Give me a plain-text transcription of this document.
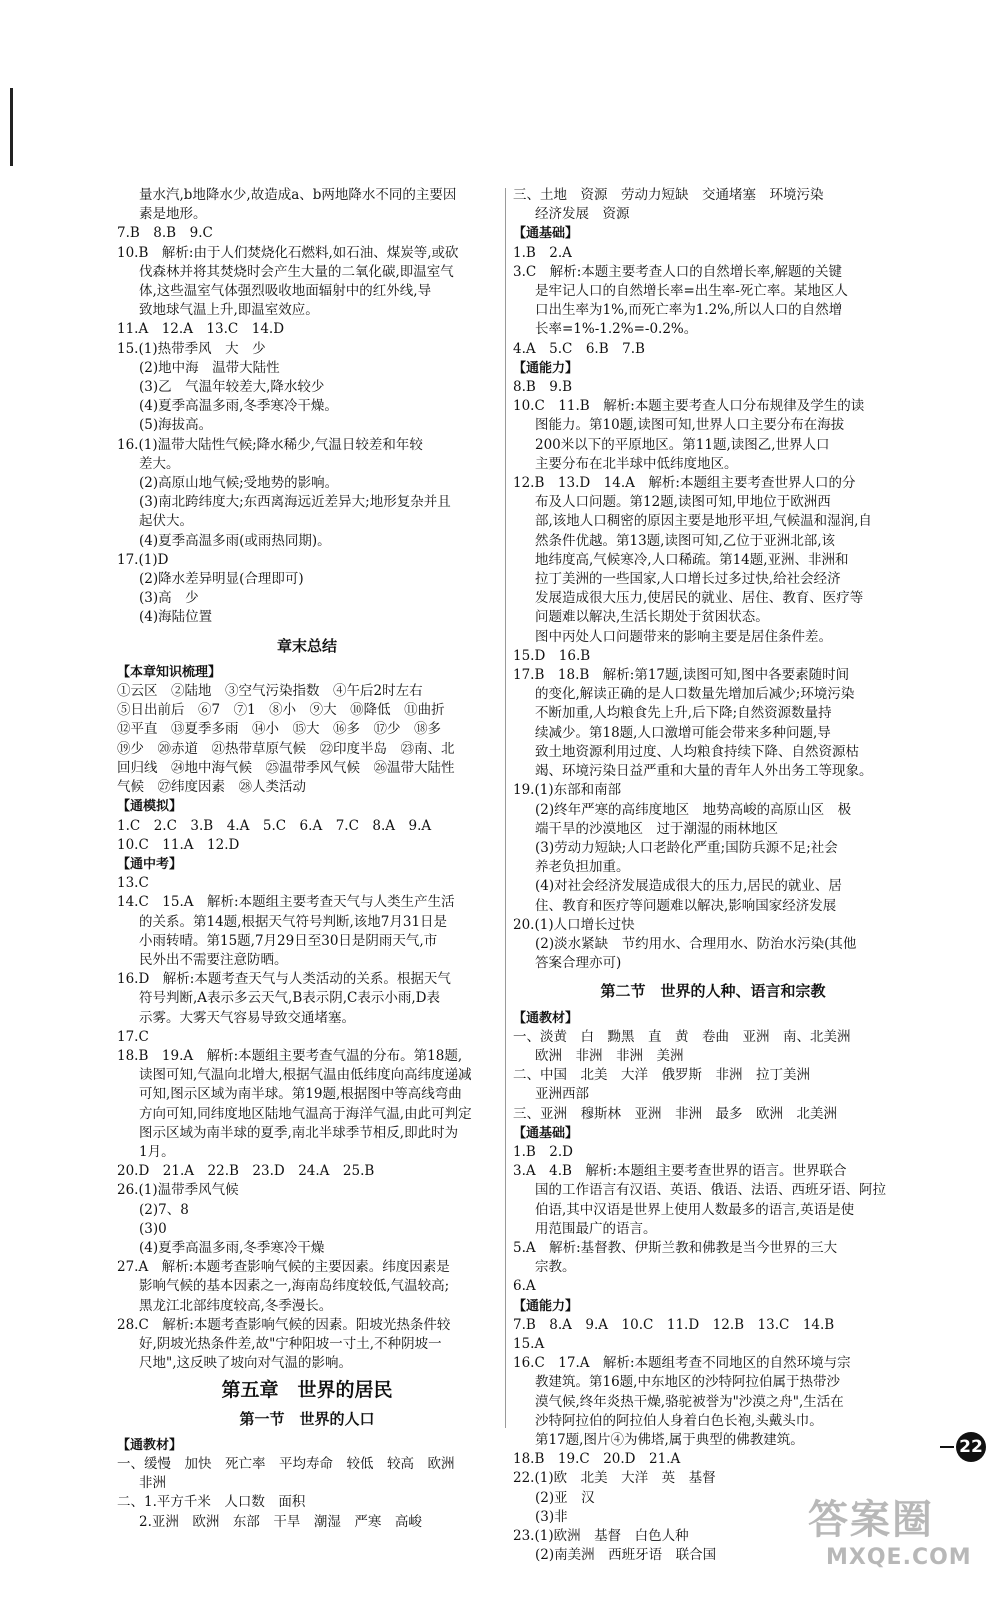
量水汽,b地降水少,故造成a、b两地降水不同的主要因
素是地形。
7.B　8.B　9.C
10.B　解析:由于人们焚烧化石燃料,如石油、煤炭等,或砍
伐森林并将其焚烧时会产生大量的二氧化碳,即温室气
体,这些温室气体强烈吸收地面辐射中的红外线,导
致地球气温上升,即温室效应。
11.A　12.A　13.C　14.D
15.(1)热带季风　大　少
(2)地中海　温带大陆性
(3)乙　气温年较差大,降水较少
(4)夏季高温多雨,冬季寒冷干燥。
(5)海拔高。
16.(1)温带大陆性气候;降水稀少,气温日较差和年较
差大。
(2)高原山地气候;受地势的影响。
(3)南北跨纬度大;东西离海远近差异大;地形复杂并且
起伏大。
(4)夏季高温多雨(或雨热同期)。
17.(1)D
(2)降水差异明显(合理即可)
(3)高　少
(4)海陆位置
章末总结
【本章知识梳理】
①云区　②陆地　③空气污染指数　④午后2时左右
⑤日出前后　⑥7　⑦1　⑧小　⑨大　⑩降低　⑪曲折
⑫平直　⑬夏季多雨　⑭小　⑮大　⑯多　⑰少　⑱多
⑲少　⑳赤道　㉑热带草原气候　㉒印度半岛　㉓南、北
回归线　㉔地中海气候　㉕温带季风气候　㉖温带大陆性
气候　㉗纬度因素　㉘人类活动
【通模拟】
1.C　2.C　3.B　4.A　5.C　6.A　7.C　8.A　9.A
10.C　11.A　12.D
【通中考】
13.C
14.C　15.A　解析:本题组主要考查天气与人类生产生活
的关系。第14题,根据天气符号判断,该地7月31日是
小雨转晴。第15题,7月29日至30日是阴雨天气,市
民外出不需要注意防晒。
16.D　解析:本题考查天气与人类活动的关系。根据天气
符号判断,A表示多云天气,B表示阴,C表示小雨,D表
示雾。大雾天气容易导致交通堵塞。
17.C
18.B　19.A　解析:本题组主要考查气温的分布。第18题,
读图可知,气温向北增大,根据气温由低纬度向高纬度递减
可知,图示区域为南半球。第19题,根据图中等高线弯曲
方向可知,同纬度地区陆地气温高于海洋气温,由此可判定
图示区域为南半球的夏季,南北半球季节相反,即此时为
1月。
20.D　21.A　22.B　23.D　24.A　25.B
26.(1)温带季风气候
(2)7、8
(3)0
(4)夏季高温多雨,冬季寒冷干燥
27.A　解析:本题考查影响气候的主要因素。纬度因素是
影响气候的基本因素之一,海南岛纬度较低,气温较高;
黑龙江北部纬度较高,冬季漫长。
28.C　解析:本题考查影响气候的因素。阳坡光热条件较
好,阴坡光热条件差,故"宁种阳坡一寸土,不种阴坡一
尺地",这反映了坡向对气温的影响。
第五章　世界的居民
第一节　世界的人口
【通教材】
一、缓慢　加快　死亡率　平均寿命　较低　较高　欧洲
非洲
二、1.平方千米　人口数　面积
2.亚洲　欧洲　东部　干旱　潮湿　严寒　高峻
三、土地　资源　劳动力短缺　交通堵塞　环境污染
经济发展　资源
【通基础】
1.B　2.A
3.C　解析:本题主要考查人口的自然增长率,解题的关键
是牢记人口的自然增长率=出生率-死亡率。某地区人
口出生率为1%,而死亡率为1.2%,所以人口的自然增
长率=1%-1.2%=-0.2%。
4.A　5.C　6.B　7.B
【通能力】
8.B　9.B
10.C　11.B　解析:本题主要考查人口分布规律及学生的读
图能力。第10题,读图可知,世界人口主要分布在海拔
200米以下的平原地区。第11题,读图乙,世界人口
主要分布在北半球中低纬度地区。
12.B　13.D　14.A　解析:本题组主要考查世界人口的分
布及人口问题。第12题,读图可知,甲地位于欧洲西
部,该地人口稠密的原因主要是地形平坦,气候温和湿润,自
然条件优越。第13题,读图可知,乙位于亚洲北部,该
地纬度高,气候寒冷,人口稀疏。第14题,亚洲、非洲和
拉丁美洲的一些国家,人口增长过多过快,给社会经济
发展造成很大压力,使居民的就业、居住、教育、医疗等
问题难以解决,生活长期处于贫困状态。
图中丙处人口问题带来的影响主要是居住条件差。
15.D　16.B
17.B　18.B　解析:第17题,读图可知,图中各要素随时间
的变化,解读正确的是人口数量先增加后减少;环境污染
不断加重,人均粮食先上升,后下降;自然资源数量持
续减少。第18题,人口激增可能会带来多种问题,导
致土地资源利用过度、人均粮食持续下降、自然资源枯
竭、环境污染日益严重和大量的青年人外出务工等现象。
19.(1)东部和南部
(2)终年严寒的高纬度地区　地势高峻的高原山区　极
端干旱的沙漠地区　过于潮湿的雨林地区
(3)劳动力短缺;人口老龄化严重;国防兵源不足;社会
养老负担加重。
(4)对社会经济发展造成很大的压力,居民的就业、居
住、教育和医疗等问题难以解决,影响国家经济发展
20.(1)人口增长过快
(2)淡水紧缺　节约用水、合理用水、防治水污染(其他
答案合理亦可)
第二节　世界的人种、语言和宗教
【通教材】
一、淡黄　白　黝黑　直　黄　卷曲　亚洲　南、北美洲
欧洲　非洲　非洲　美洲
二、中国　北美　大洋　俄罗斯　非洲　拉丁美洲
亚洲西部
三、亚洲　穆斯林　亚洲　非洲　最多　欧洲　北美洲
【通基础】
1.B　2.D
3.A　4.B　解析:本题组主要考查世界的语言。世界联合
国的工作语言有汉语、英语、俄语、法语、西班牙语、阿拉
伯语,其中汉语是世界上使用人数最多的语言,英语是使
用范围最广的语言。
5.A　解析:基督教、伊斯兰教和佛教是当今世界的三大
宗教。
6.A
【通能力】
7.B　8.A　9.A　10.C　11.D　12.B　13.C　14.B
15.A
16.C　17.A　解析:本题组考查不同地区的自然环境与宗
教建筑。第16题,中东地区的沙特阿拉伯属于热带沙
漠气候,终年炎热干燥,骆驼被誉为"沙漠之舟",生活在
沙特阿拉伯的阿拉伯人身着白色长袍,头戴头巾。
第17题,图片④为佛塔,属于典型的佛教建筑。
18.B　19.C　20.D　21.A
22.(1)欧　北美　大洋　英　基督
(2)亚　汉
(3)非
23.(1)欧洲　基督　白色人种
(2)南美洲　西班牙语　联合国
22
答案圈
MXQE.COM
